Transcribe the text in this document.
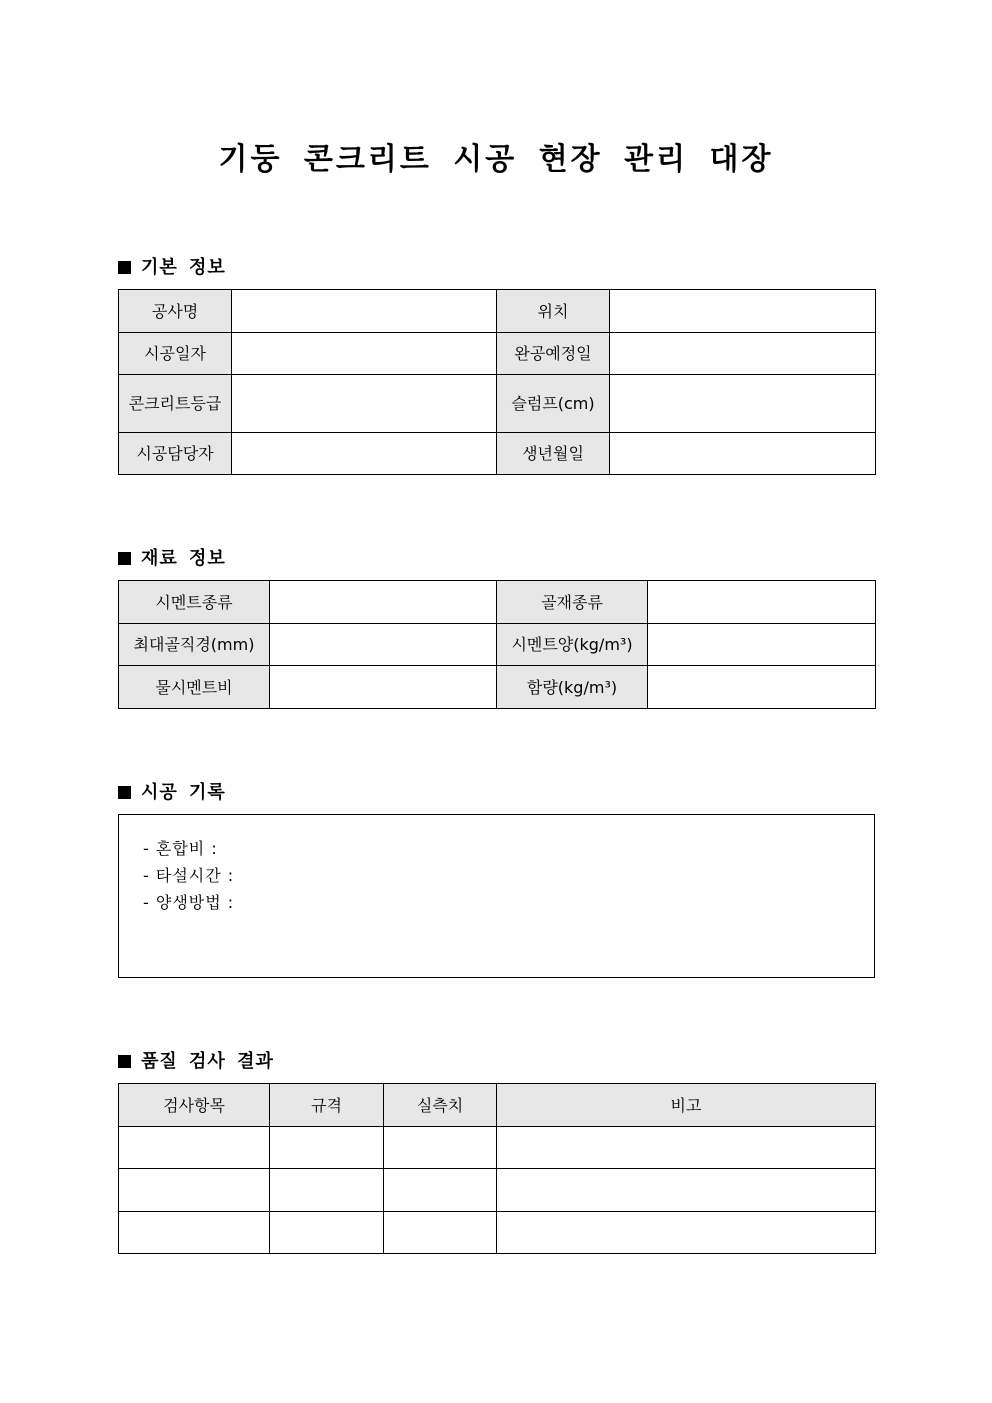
기둥 콘크리트 시공 현장 관리 대장
기본 정보
공사명		위치	
시공일자		완공예정일	
콘크리트등급		슬럼프(cm)	
시공담당자		생년월일	
재료 정보
시멘트종류		골재종류	
최대골직경(mm)		시멘트양(kg/m³)	
물시멘트비		함량(kg/m³)	
시공 기록
- 혼합비 :
- 타설시간 :
- 양생방법 :
품질 검사 결과
검사항목	규격	실측치	비고
